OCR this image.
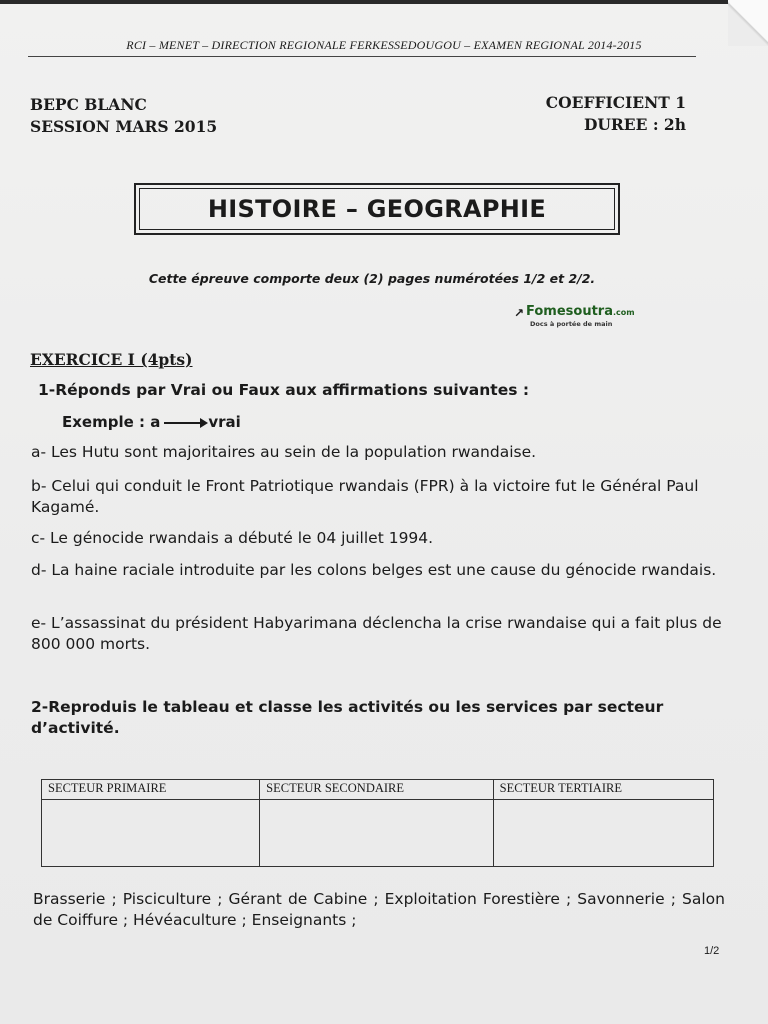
RCI – MENET – DIRECTION REGIONALE FERKESSEDOUGOU – EXAMEN REGIONAL 2014-2015
BEPC BLANC
SESSION MARS 2015
COEFFICIENT 1
DUREE : 2h
HISTOIRE – GEOGRAPHIE
Cette épreuve comporte deux (2) pages numérotées 1/2 et 2/2.
↗ Fomesoutra.com
Docs à portée de main
EXERCICE I (4pts)
1-Réponds par Vrai ou Faux aux affirmations suivantes :
Exemple : a	vrai
a- Les Hutu sont majoritaires au sein de la population rwandaise.
b- Celui qui conduit le Front Patriotique rwandais (FPR) à la victoire fut le Général Paul Kagamé.
c- Le génocide rwandais a débuté le 04 juillet 1994.
d- La haine raciale introduite par les colons belges est une cause du génocide rwandais.
e- L’assassinat du président Habyarimana déclencha la crise rwandaise qui a fait plus de 800 000 morts.
2-Reproduis le tableau et classe les activités ou les services par secteur d’activité.
SECTEUR PRIMAIRE	SECTEUR SECONDAIRE	SECTEUR TERTIAIRE

Brasserie ; Pisciculture ; Gérant de Cabine ; Exploitation Forestière ; Savonnerie ; Salon de Coiffure ; Hévéaculture ; Enseignants ;
1/2
